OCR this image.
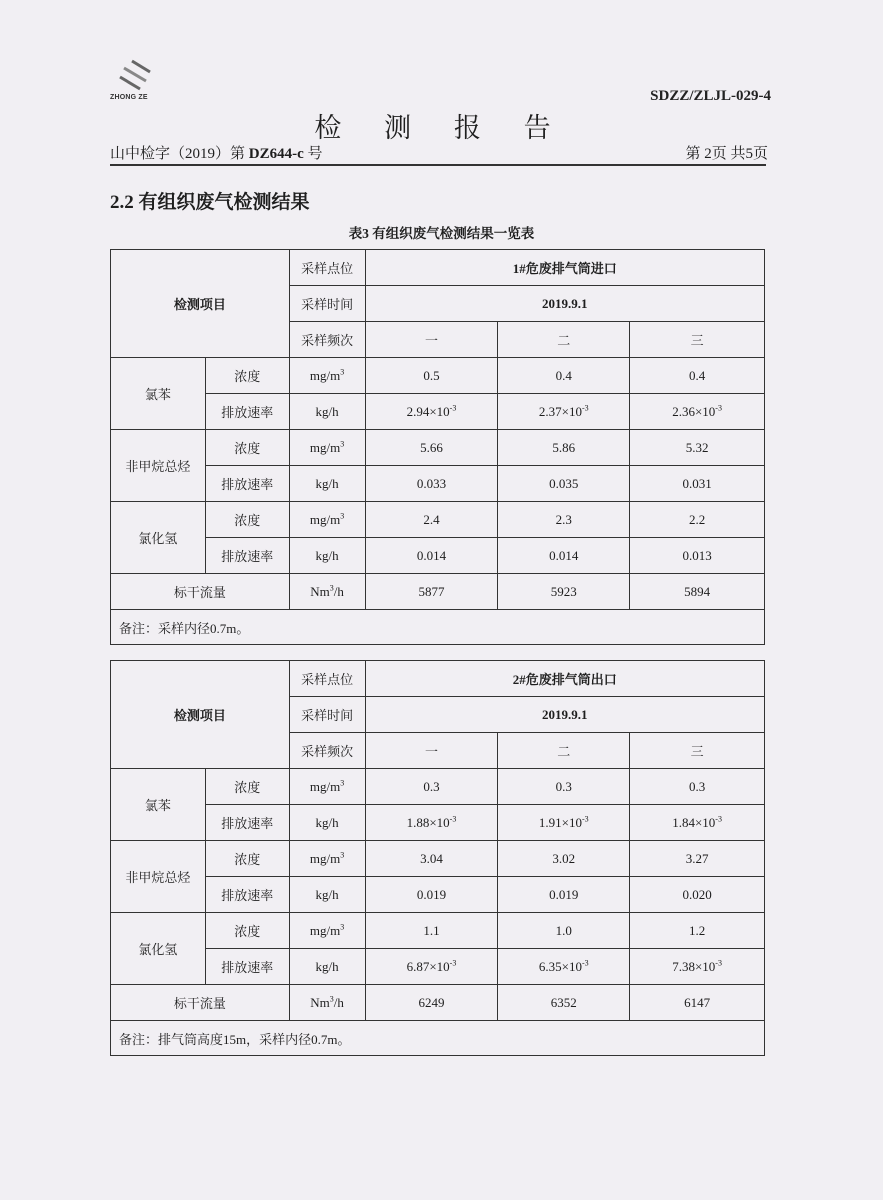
ZHONG ZE	SDZZ/ZLJL-029-4
检 测 报 告
山中检字（2019）第 DZ644-c 号	第 2页 共5页
2.2 有组织废气检测结果
表3 有组织废气检测结果一览表
检测项目		采样点位	1#危废排气筒进口		
		采样时间	2019.9.1		
		采样频次	一	二	三
氯苯	浓度	$mg/m^3$	0.5	0.4	0.4
	排放速率	kg/h	$2.94\times 10^{-3}$	$2.37\times 10^{-3}$	$2.36\times 10^{-3}$
非甲烷总烃	浓度	$mg/m^3$	5.66	5.86	5.32
	排放速率	kg/h	0.033	0.035	0.031
氯化氢	浓度	$mg/m^3$	2.4	2.3	2.2
	排放速率	kg/h	0.014	0.014	0.013
标干流量		Nm$^3$/h	5877	5923	5894
备注：采样内径0.7m。					
检测项目		采样点位	2#危废排气筒出口		
		采样时间	2019.9.1		
		采样频次	一	二	三
氯苯	浓度	$mg/m^3$	0.3	0.3	0.3
	排放速率	kg/h	$1.88\times 10^{-3}$	$1.91\times 10^{-3}$	$1.84\times 10^{-3}$
非甲烷总烃	浓度	$mg/m^3$	3.04	3.02	3.27
	排放速率	kg/h	0.019	0.019	0.020
氯化氢	浓度	$mg/m^3$	1.1	1.0	1.2
	排放速率	kg/h	$6.87\times 10^{-3}$	$6.35\times 10^{-3}$	$7.38\times 10^{-3}$
标干流量		Nm$^3$/h	6249	6352	6147
备注：排气筒高度15m，采样内径0.7m。					
